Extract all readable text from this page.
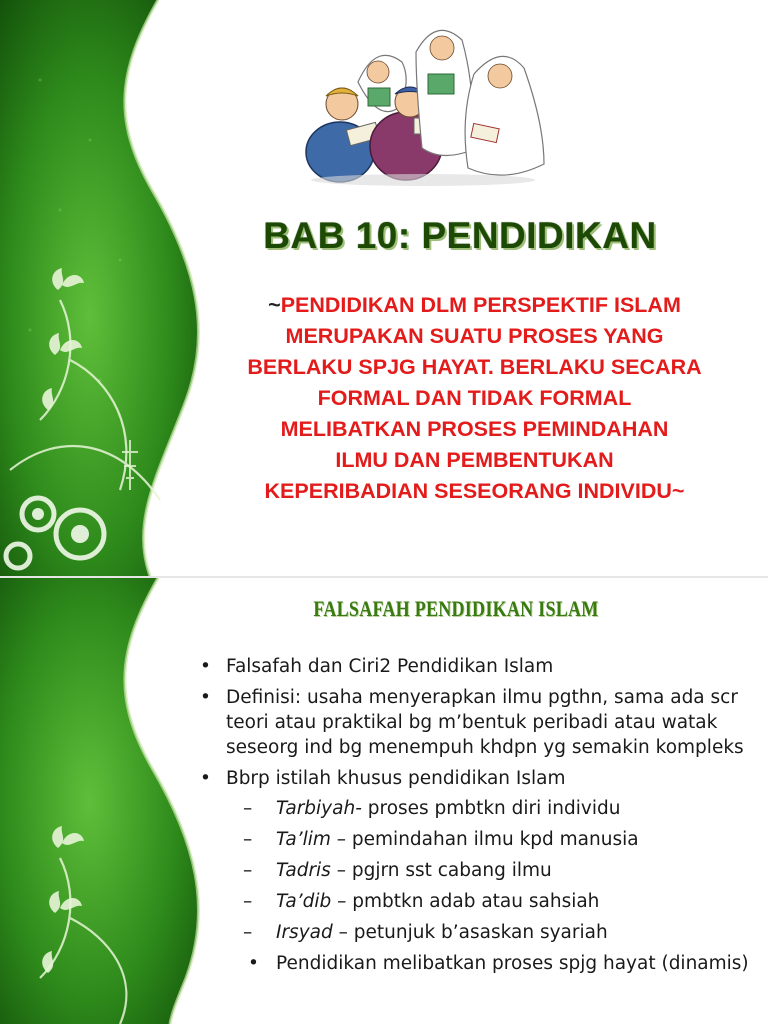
BAB 10: PENDIDIKAN

~PENDIDIKAN DLM PERSPEKTIF ISLAM
MERUPAKAN SUATU PROSES YANG
BERLAKU SPJG HAYAT. BERLAKU SECARA
FORMAL DAN TIDAK FORMAL
MELIBATKAN PROSES PEMINDAHAN
ILMU DAN PEMBENTUKAN
KEPERIBADIAN SESEORANG INDIVIDU~

FALSAFAH PENDIDIKAN ISLAM
• Falsafah dan Ciri2 Pendidikan Islam
• Definisi: usaha menyerapkan ilmu pgthn, sama ada scr teori atau praktikal bg m’bentuk peribadi atau watak seseorg ind bg menempuh khdpn yg semakin kompleks
• Bbrp istilah khusus pendidikan Islam
– Tarbiyah- proses pmbtkn diri individu
– Ta’lim – pemindahan ilmu kpd manusia
– Tadris – pgjrn sst cabang ilmu
– Ta’dib – pmbtkn adab atau sahsiah
– Irsyad – petunjuk b’asaskan syariah
• Pendidikan melibatkan proses spjg hayat (dinamis)
